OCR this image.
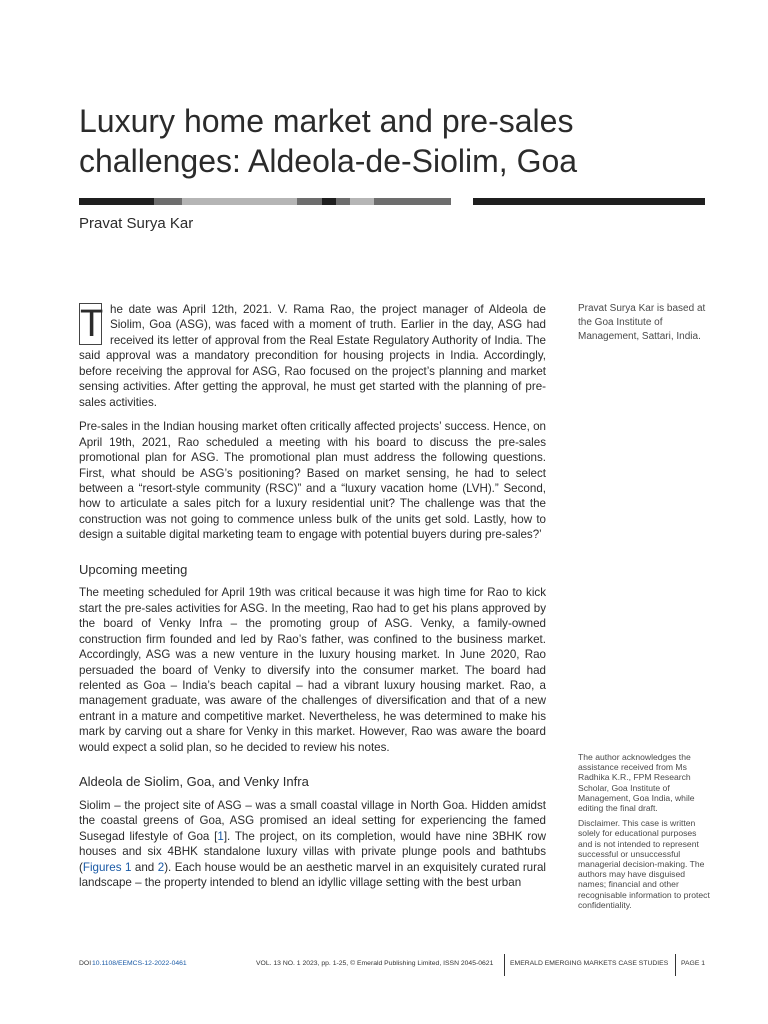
Luxury home market and pre-sales challenges: Aldeola-de-Siolim, Goa
Pravat Surya Kar

T he date was April 12th, 2021. V. Rama Rao, the project manager of Aldeola de Siolim, Goa (ASG), was faced with a moment of truth. Earlier in the day, ASG had received its letter of approval from the Real Estate Regulatory Authority of India. The said approval was a mandatory precondition for housing projects in India. Accordingly, before receiving the approval for ASG, Rao focused on the project’s planning and market sensing activities. After getting the approval, he must get started with the planning of pre-sales activities.

Pre-sales in the Indian housing market often critically affected projects’ success. Hence, on April 19th, 2021, Rao scheduled a meeting with his board to discuss the pre-sales promotional plan for ASG. The promotional plan must address the following questions. First, what should be ASG’s positioning? Based on market sensing, he had to select between a “resort-style community (RSC)” and a “luxury vacation home (LVH).” Second, how to articulate a sales pitch for a luxury residential unit? The challenge was that the construction was not going to commence unless bulk of the units get sold. Lastly, how to design a suitable digital marketing team to engage with potential buyers during pre-sales?’

Upcoming meeting

The meeting scheduled for April 19th was critical because it was high time for Rao to kick start the pre-sales activities for ASG. In the meeting, Rao had to get his plans approved by the board of Venky Infra – the promoting group of ASG. Venky, a family-owned construction firm founded and led by Rao’s father, was confined to the business market. Accordingly, ASG was a new venture in the luxury housing market. In June 2020, Rao persuaded the board of Venky to diversify into the consumer market. The board had relented as Goa – India’s beach capital – had a vibrant luxury housing market. Rao, a management graduate, was aware of the challenges of diversification and that of a new entrant in a mature and competitive market. Nevertheless, he was determined to make his mark by carving out a share for Venky in this market. However, Rao was aware the board would expect a solid plan, so he decided to review his notes.

Aldeola de Siolim, Goa, and Venky Infra

Siolim – the project site of ASG – was a small coastal village in North Goa. Hidden amidst the coastal greens of Goa, ASG promised an ideal setting for experiencing the famed Susegad lifestyle of Goa [1]. The project, on its completion, would have nine 3BHK row houses and six 4BHK standalone luxury villas with private plunge pools and bathtubs (Figures 1 and 2). Each house would be an aesthetic marvel in an exquisitely curated rural landscape – the property intended to blend an idyllic village setting with the best urban

Pravat Surya Kar is based at the Goa Institute of Management, Sattari, India.

The author acknowledges the assistance received from Ms Radhika K.R., FPM Research Scholar, Goa Institute of Management, Goa India, while editing the final draft.

Disclaimer. This case is written solely for educational purposes and is not intended to represent successful or unsuccessful managerial decision-making. The authors may have disguised names; financial and other recognisable information to protect confidentiality.

DOI 10.1108/EEMCS-12-2022-0461	VOL. 13 NO. 1 2023, pp. 1-25, © Emerald Publishing Limited, ISSN 2045-0621 EMERALD EMERGING MARKETS CASE STUDIES PAGE 1
